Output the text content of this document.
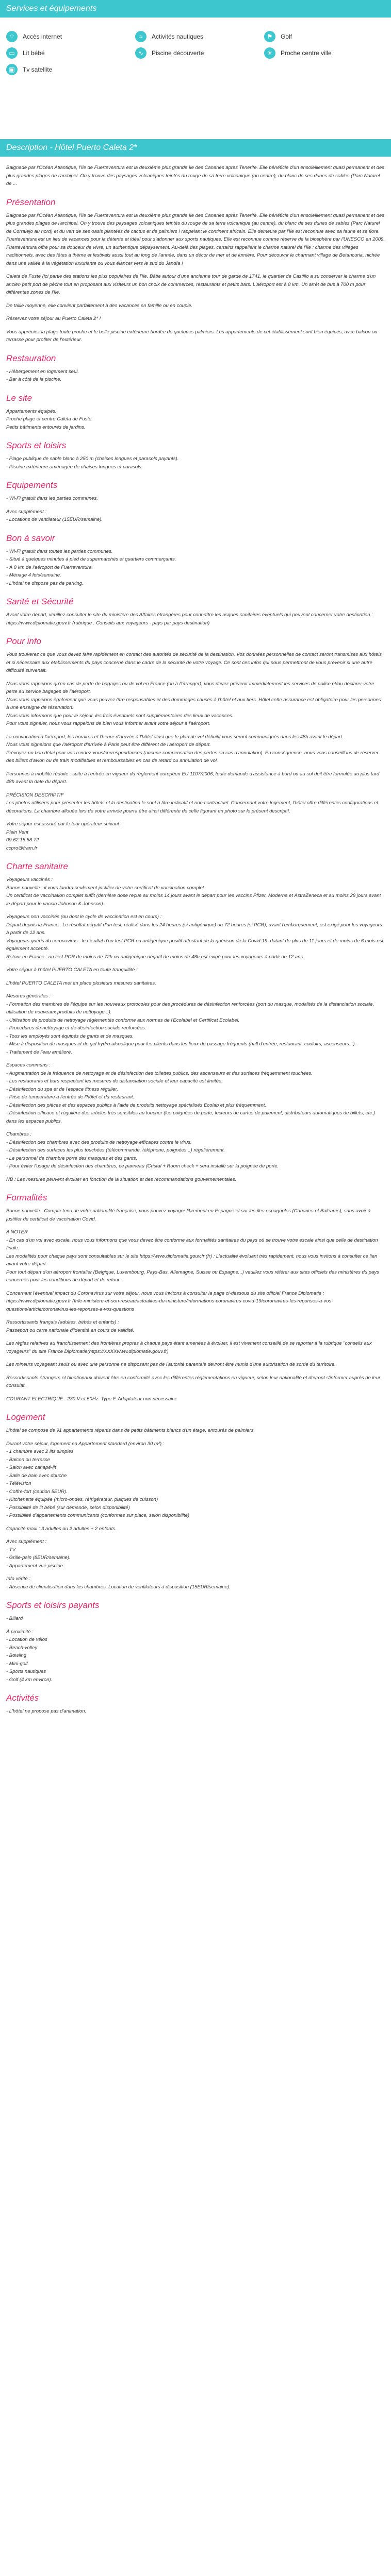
Services et équipements
⌔	Accès internet	≈	Activités nautiques	⚑	Golf
▭	Lit bébé	∿	Piscine découverte	☀	Proche centre ville
▣	Tv satellite
Description - Hôtel Puerto Caleta 2*

Baignade par l'Océan Atlantique, l'île de Fuerteventura est la deuxième plus grande île des Canaries après Tenerife. Elle bénéficie d'un ensoleillement quasi permanent et des plus grandes plages de l'archipel. On y trouve des paysages volcaniques teintés du rouge de sa terre volcanique (au centre), du blanc de ses dunes de sables (Parc Naturel de ...

Présentation

Baignade par l'Océan Atlantique, l'île de Fuerteventura est la deuxième plus grande île des Canaries après Tenerife. Elle bénéficie d'un ensoleillement quasi permanent et des plus grandes plages de l'archipel. On y trouve des paysages volcaniques teintés du rouge de sa terre volcanique (au centre), du blanc de ses dunes de sables (Parc Naturel de Corralejo au nord) et du vert de ses oasis plantées de cactus et de palmiers ! rappelant le continent africain. Elle demeure par l'île est reconnue avec sa faune et sa flore. Fuerteventura est un lieu de vacances pour la détente et idéal pour s'adonner aux sports nautiques. Elle est reconnue comme réserve de la biosphère par l'UNESCO en 2009. Fuerteventura offre pour sa douceur de vivre, un authentique dépaysement. Au-delà des plages, certains rappellent le charme naturel de l'île : charme des villages traditionnels, avec des fêtes à thème et festivals aussi tout au long de l'année, dans un décor de mer et de lumière. Pour découvrir le charmant village de Betancuria, nichée dans une vallée à la végétation luxuriante ou vous élancer vers le sud du Jandía !

Caleta de Fuste (ici partie des stations les plus populaires de l'île. Bâtie autour d'une ancienne tour de garde de 1741, le quartier de Castillo a su conserver le charme d'un ancien petit port de pêche tout en proposant aux visiteurs un bon choix de commerces, restaurants et petits bars. L'aéroport est à 8 km. Un arrêt de bus à 700 m pour différentes zones de l'île.

De taille moyenne, elle convient parfaitement à des vacances en famille ou en couple.

Réservez votre séjour au Puerto Caleta 2* !

Vous appréciez la plage toute proche et le belle piscine extérieure bordée de quelques palmiers. Les appartements de cet établissement sont bien équipés, avec balcon ou terrasse pour profiter de l'extérieur.

Restauration

- Hébergement en logement seul.
- Bar à côté de la piscine.

Le site

Appartements équipés.
Proche plage et centre Caleta de Fuste.
Petits bâtiments entourés de jardins.

Sports et loisirs

- Plage publique de sable blanc à 250 m (chaises longues et parasols payants).
- Piscine extérieure aménagée de chaises longues et parasols.

Equipements

- Wi-Fi gratuit dans les parties communes.

Avec supplément :
- Locations de ventilateur (15EUR/semaine).

Bon à savoir

- Wi-Fi gratuit dans toutes les parties communes.
- Situé à quelques minutes à pied de supermarchés et quartiers commerçants.
- À 8 km de l'aéroport de Fuerteventura.
- Ménage 4 fois/semaine.
- L'hôtel ne dispose pas de parking.

Santé et Sécurité

Avant votre départ, veuillez consulter le site du ministère des Affaires étrangères pour connaître les risques sanitaires éventuels qui peuvent concerner votre destination : https://www.diplomatie.gouv.fr (rubrique : Conseils aux voyageurs - pays par pays destination)

Pour info

Vous trouverez ce que vous devez faire rapidement en contact des autorités de sécurité de la destination. Vos données personnelles de contact seront transmises aux hôtels et si nécessaire aux établissements du pays concerné dans le cadre de la sécurité de votre voyage. Ce sont ces infos qui nous permettront de vous prévenir si une autre difficulté survenait.

Nous vous rappelons qu'en cas de perte de bagages ou de vol en France (ou à l'étranger), vous devez prévenir immédiatement les services de police et/ou déclarer votre perte au service bagages de l'aéroport.
Nous vous rappelons également que vous pouvez être responsables et des dommages causés à l'hôtel et aux tiers. Hôtel cette assurance est obligatoire pour les personnes à une enseigne de réservation.
Nous vous informons que pour le séjour, les frais éventuels sont supplémentaires des lieux de vacances.
Pour vous signaler, nous vous rappelons de bien vous informer avant votre séjour à l'aéroport.

La convocation à l'aéroport, les horaires et l'heure d'arrivée à l'hôtel ainsi que le plan de vol définitif vous seront communiqués dans les 48h avant le départ.
Nous vous signalons que l'aéroport d'arrivée à Paris peut être différent de l'aéroport de départ.
Prévoyez un bon délai pour vos rendez-vous/correspondances (aucune compensation des pertes en cas d'annulation). En conséquence, nous vous conseillons de réserver des billets d'avion ou de train modifiables et remboursables en cas de retard ou annulation de vol.

Personnes à mobilité réduite : suite à l'entrée en vigueur du règlement européen EU 1107/2006, toute demande d'assistance à bord ou au sol doit être formulée au plus tard 48h avant la date du départ.

PRÉCISION DESCRIPTIF
Les photos utilisées pour présenter les hôtels et la destination le sont à titre indicatif et non-contractuel. Concernant votre logement, l'hôtel offre différentes configurations et décorations. La chambre allouée lors de votre arrivée pourra être ainsi différente de celle figurant en photo sur le présent descriptif.

Votre séjour est assuré par le tour opérateur suivant :
Plein Vent
09.62.15.58.72
ccpro@fram.fr

Charte sanitaire

Voyageurs vaccinés :
Bonne nouvelle : il vous faudra seulement justifier de votre certificat de vaccination complet.
Un certificat de vaccination complet suffit (dernière dose reçue au moins 14 jours avant le départ pour les vaccins Pfizer, Moderna et AstraZeneca et au moins 28 jours avant le départ pour le vaccin Johnson & Johnson).

Voyageurs non vaccinés (ou dont le cycle de vaccination est en cours) :
Départ depuis la France : Le résultat négatif d'un test, réalisé dans les 24 heures (si antigénique) ou 72 heures (si PCR), avant l'embarquement, est exigé pour les voyageurs à partir de 12 ans.
Voyageurs guéris du coronavirus : le résultat d'un test PCR ou antigénique positif attestant de la guérison de la Covid-19, datant de plus de 11 jours et de moins de 6 mois est également accepté.
Retour en France : un test PCR de moins de 72h ou antigénique négatif de moins de 48h est exigé pour les voyageurs à partir de 12 ans.

Votre séjour à l'hôtel PUERTO CALETA en toute tranquillité !

L'hôtel PUERTO CALETA met en place plusieurs mesures sanitaires.

Mesures générales :
- Formation des membres de l'équipe sur les nouveaux protocoles pour des procédures de désinfection renforcées (port du masque, modalités de la distanciation sociale, utilisation de nouveaux produits de nettoyage...).
- Utilisation de produits de nettoyage réglementés conforme aux normes de l'Ecolabel et Certificat Ecolabel.
- Procédures de nettoyage et de désinfection sociale renforcées.
- Tous les employés sont équipés de gants et de masques.
- Mise à disposition de masques et de gel hydro-alcoolique pour les clients dans les lieux de passage fréquents (hall d'entrée, restaurant, couloirs, ascenseurs...).
- Traitement de l'eau amélioré.

Espaces communs :
- Augmentation de la fréquence de nettoyage et de désinfection des toilettes publics, des ascenseurs et des surfaces fréquemment touchées.
- Les restaurants et bars respectent les mesures de distanciation sociale et leur capacité est limitée.
- Désinfection du spa et de l'espace fitness régulier.
- Prise de température à l'entrée de l'hôtel et du restaurant.
- Désinfection des pièces et des espaces publics à l'aide de produits nettoyage spécialisés Ecolab et plus fréquemment.
- Désinfection efficace et régulière des articles très sensibles au toucher (les poignées de porte, lecteurs de cartes de paiement, distributeurs automatiques de billets, etc.) dans les espaces publics.

Chambres :
- Désinfection des chambres avec des produits de nettoyage efficaces contre le virus.
- Désinfection des surfaces les plus touchées (télécommande, téléphone, poignées...) régulièrement.
- Le personnel de chambre porte des masques et des gants.
- Pour éviter l'usage de désinfection des chambres, ce panneau (Cristal + Room check + sera installé sur la poignée de porte.

NB : Les mesures peuvent évoluer en fonction de la situation et des recommandations gouvernementales.

Formalités

Bonne nouvelle : Compte tenu de votre nationalité française, vous pouvez voyager librement en Espagne et sur les îles espagnoles (Canaries et Baléares), sans avoir à justifier de certificat de vaccination Covid.

A NOTER
- En cas d'un vol avec escale, nous vous informons que vous devez être conforme aux formalités sanitaires du pays où se trouve votre escale ainsi que celle de destination finale.
Les modalités pour chaque pays sont consultables sur le site https://www.diplomatie.gouv.fr (fr) : L'actualité évoluant très rapidement, nous vous invitons à consulter ce lien avant votre départ.
Pour tout départ d'un aéroport frontalier (Belgique, Luxembourg, Pays-Bas, Allemagne, Suisse ou Espagne...) veuillez vous référer aux sites officiels des ministères du pays concernés pour les conditions de départ et de retour.

Concernant l'éventuel impact du Coronavirus sur votre séjour, nous vous invitons à consulter la page ci-dessous du site officiel France Diplomatie :
https://www.diplomatie.gouv.fr (fr/le-ministere-et-son-reseau/actualites-du-ministere/informations-coronavirus-covid-19/coronavirus-les-reponses-a-vos-questions/article/coronavirus-les-reponses-a-vos-questions

Ressortissants français (adultes, bébés et enfants) :
Passeport ou carte nationale d'identité en cours de validité.

Les règles relatives au franchissement des frontières propres à chaque pays étant amenées à évoluer, il est vivement conseillé de se reporter à la rubrique "conseils aux voyageurs" du site France Diplomatie(https://XXXXwww.diplomatie.gouv.fr)

Les mineurs voyageant seuls ou avec une personne ne disposant pas de l'autorité parentale devront être munis d'une autorisation de sortie du territoire.

Ressortissants étrangers et binationaux doivent être en conformité avec les différentes réglementations en vigueur, selon leur nationalité et devront s'informer auprès de leur consulat.

COURANT ELECTRIQUE : 230 V et 50Hz. Type F. Adaptateur non nécessaire.

Logement

L'hôtel se compose de 91 appartements répartis dans de petits bâtiments blancs d'un étage, entourés de palmiers.

Durant votre séjour, logement en Appartement standard (environ 30 m²) :
- 1 chambre avec 2 lits simples
- Balcon ou terrasse
- Salon avec canapé-lit
- Salle de bain avec douche
- Télévision
- Coffre-fort (caution 5EUR).
- Kitchenette équipée (micro-ondes, réfrigérateur, plaques de cuisson)
- Possibilité de lit bébé (sur demande, selon disponibilité)
- Possibilité d'appartements communicants (conformes sur place, selon disponibilité)

Capacité maxi : 3 adultes ou 2 adultes + 2 enfants.

Avec supplément :
- TV
- Grille-pain (8EUR/semaine).
- Appartement vue piscine.

Info vérité :
- Absence de climatisation dans les chambres. Location de ventilateurs à disposition (15EUR/semaine).

Sports et loisirs payants

- Billard

À proximité :
- Location de vélos
- Beach-volley
- Bowling
- Mini-golf
- Sports nautiques
- Golf (4 km environ).

Activités

- L'hôtel ne propose pas d'animation.
